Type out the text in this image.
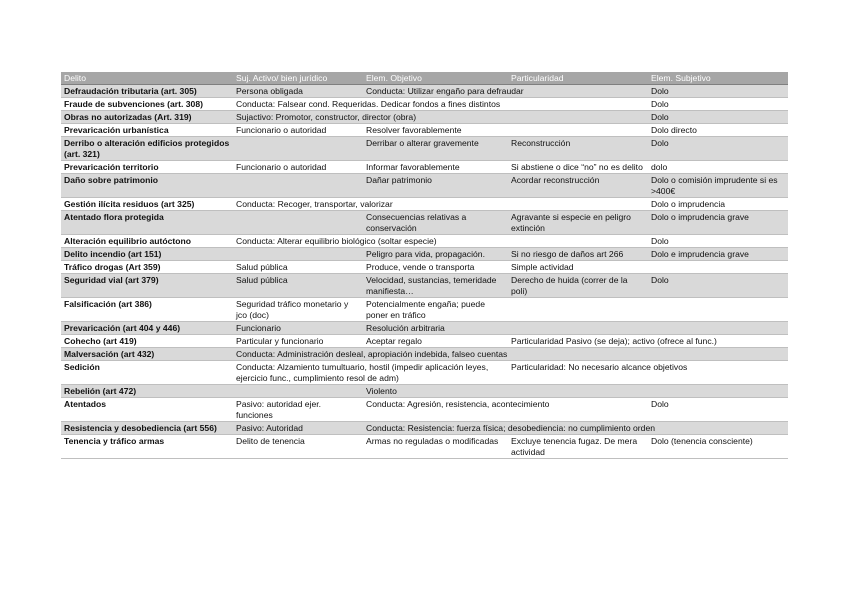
Delito	Suj. Activo/ bien jurídico	Elem. Objetivo	Particularidad	Elem. Subjetivo
Defraudación tributaria (art. 305)	Persona obligada	Conducta: Utilizar engaño para defraudar		Dolo
Fraude de subvenciones (art. 308)	Conducta: Falsear cond. Requeridas. Dedicar fondos a fines distintos			Dolo
Obras no autorizadas (Art. 319)	Sujactivo: Promotor, constructor, director (obra)			Dolo
Prevaricación urbanística	Funcionario o autoridad	Resolver favorablemente		Dolo directo
Derribo o alteración edificios protegidos (art. 321)		Derribar o alterar gravemente	Reconstrucción	Dolo
Prevaricación territorio	Funcionario o autoridad	Informar favorablemente	Si abstiene o dice “no” no es delito	dolo
Daño sobre patrimonio		Dañar patrimonio	Acordar reconstrucción	Dolo o comisión imprudente si es >400€
Gestión ilícita residuos (art 325)	Conducta: Recoger, transportar, valorizar			Dolo o imprudencia
Atentado flora protegida		Consecuencias relativas a conservación	Agravante si especie en peligro extinción	Dolo o imprudencia grave
Alteración equilibrio autóctono	Conducta: Alterar equilibrio biológico (soltar especie)			Dolo
Delito incendio (art 151)		Peligro para vida, propagación.	Si no riesgo de daños art 266	Dolo e imprudencia grave
Tráfico drogas (Art 359)	Salud pública	Produce, vende o transporta	Simple actividad	
Seguridad vial (art 379)	Salud pública	Velocidad, sustancias, temeridade manifiesta…	Derecho de huida (correr de la poli)	Dolo
Falsificación (art 386)	Seguridad tráfico monetario y jco (doc)	Potencialmente engaña; puede poner en tráfico		
Prevaricación (art 404 y 446)	Funcionario	Resolución arbitraria		
Cohecho (art 419)	Particular y funcionario	Aceptar regalo	Particularidad Pasivo (se deja); activo (ofrece al func.)	
Malversación (art 432)	Conducta: Administración desleal, apropiación indebida, falseo cuentas			
Sedición	Conducta: Alzamiento tumultuario, hostil (impedir aplicación leyes, ejercicio func., cumplimiento resol de adm)		Particularidad: No necesario alcance objetivos	
Rebelión (art 472)		Violento		
Atentados	Pasivo: autoridad ejer. funciones	Conducta: Agresión, resistencia, acontecimiento		Dolo
Resistencia y desobediencia (art 556)	Pasivo: Autoridad	Conducta: Resistencia: fuerza física; desobediencia: no cumplimiento orden		
Tenencia y tráfico armas	Delito de tenencia	Armas no reguladas o modificadas	Excluye tenencia fugaz. De mera actividad	Dolo (tenencia consciente)
